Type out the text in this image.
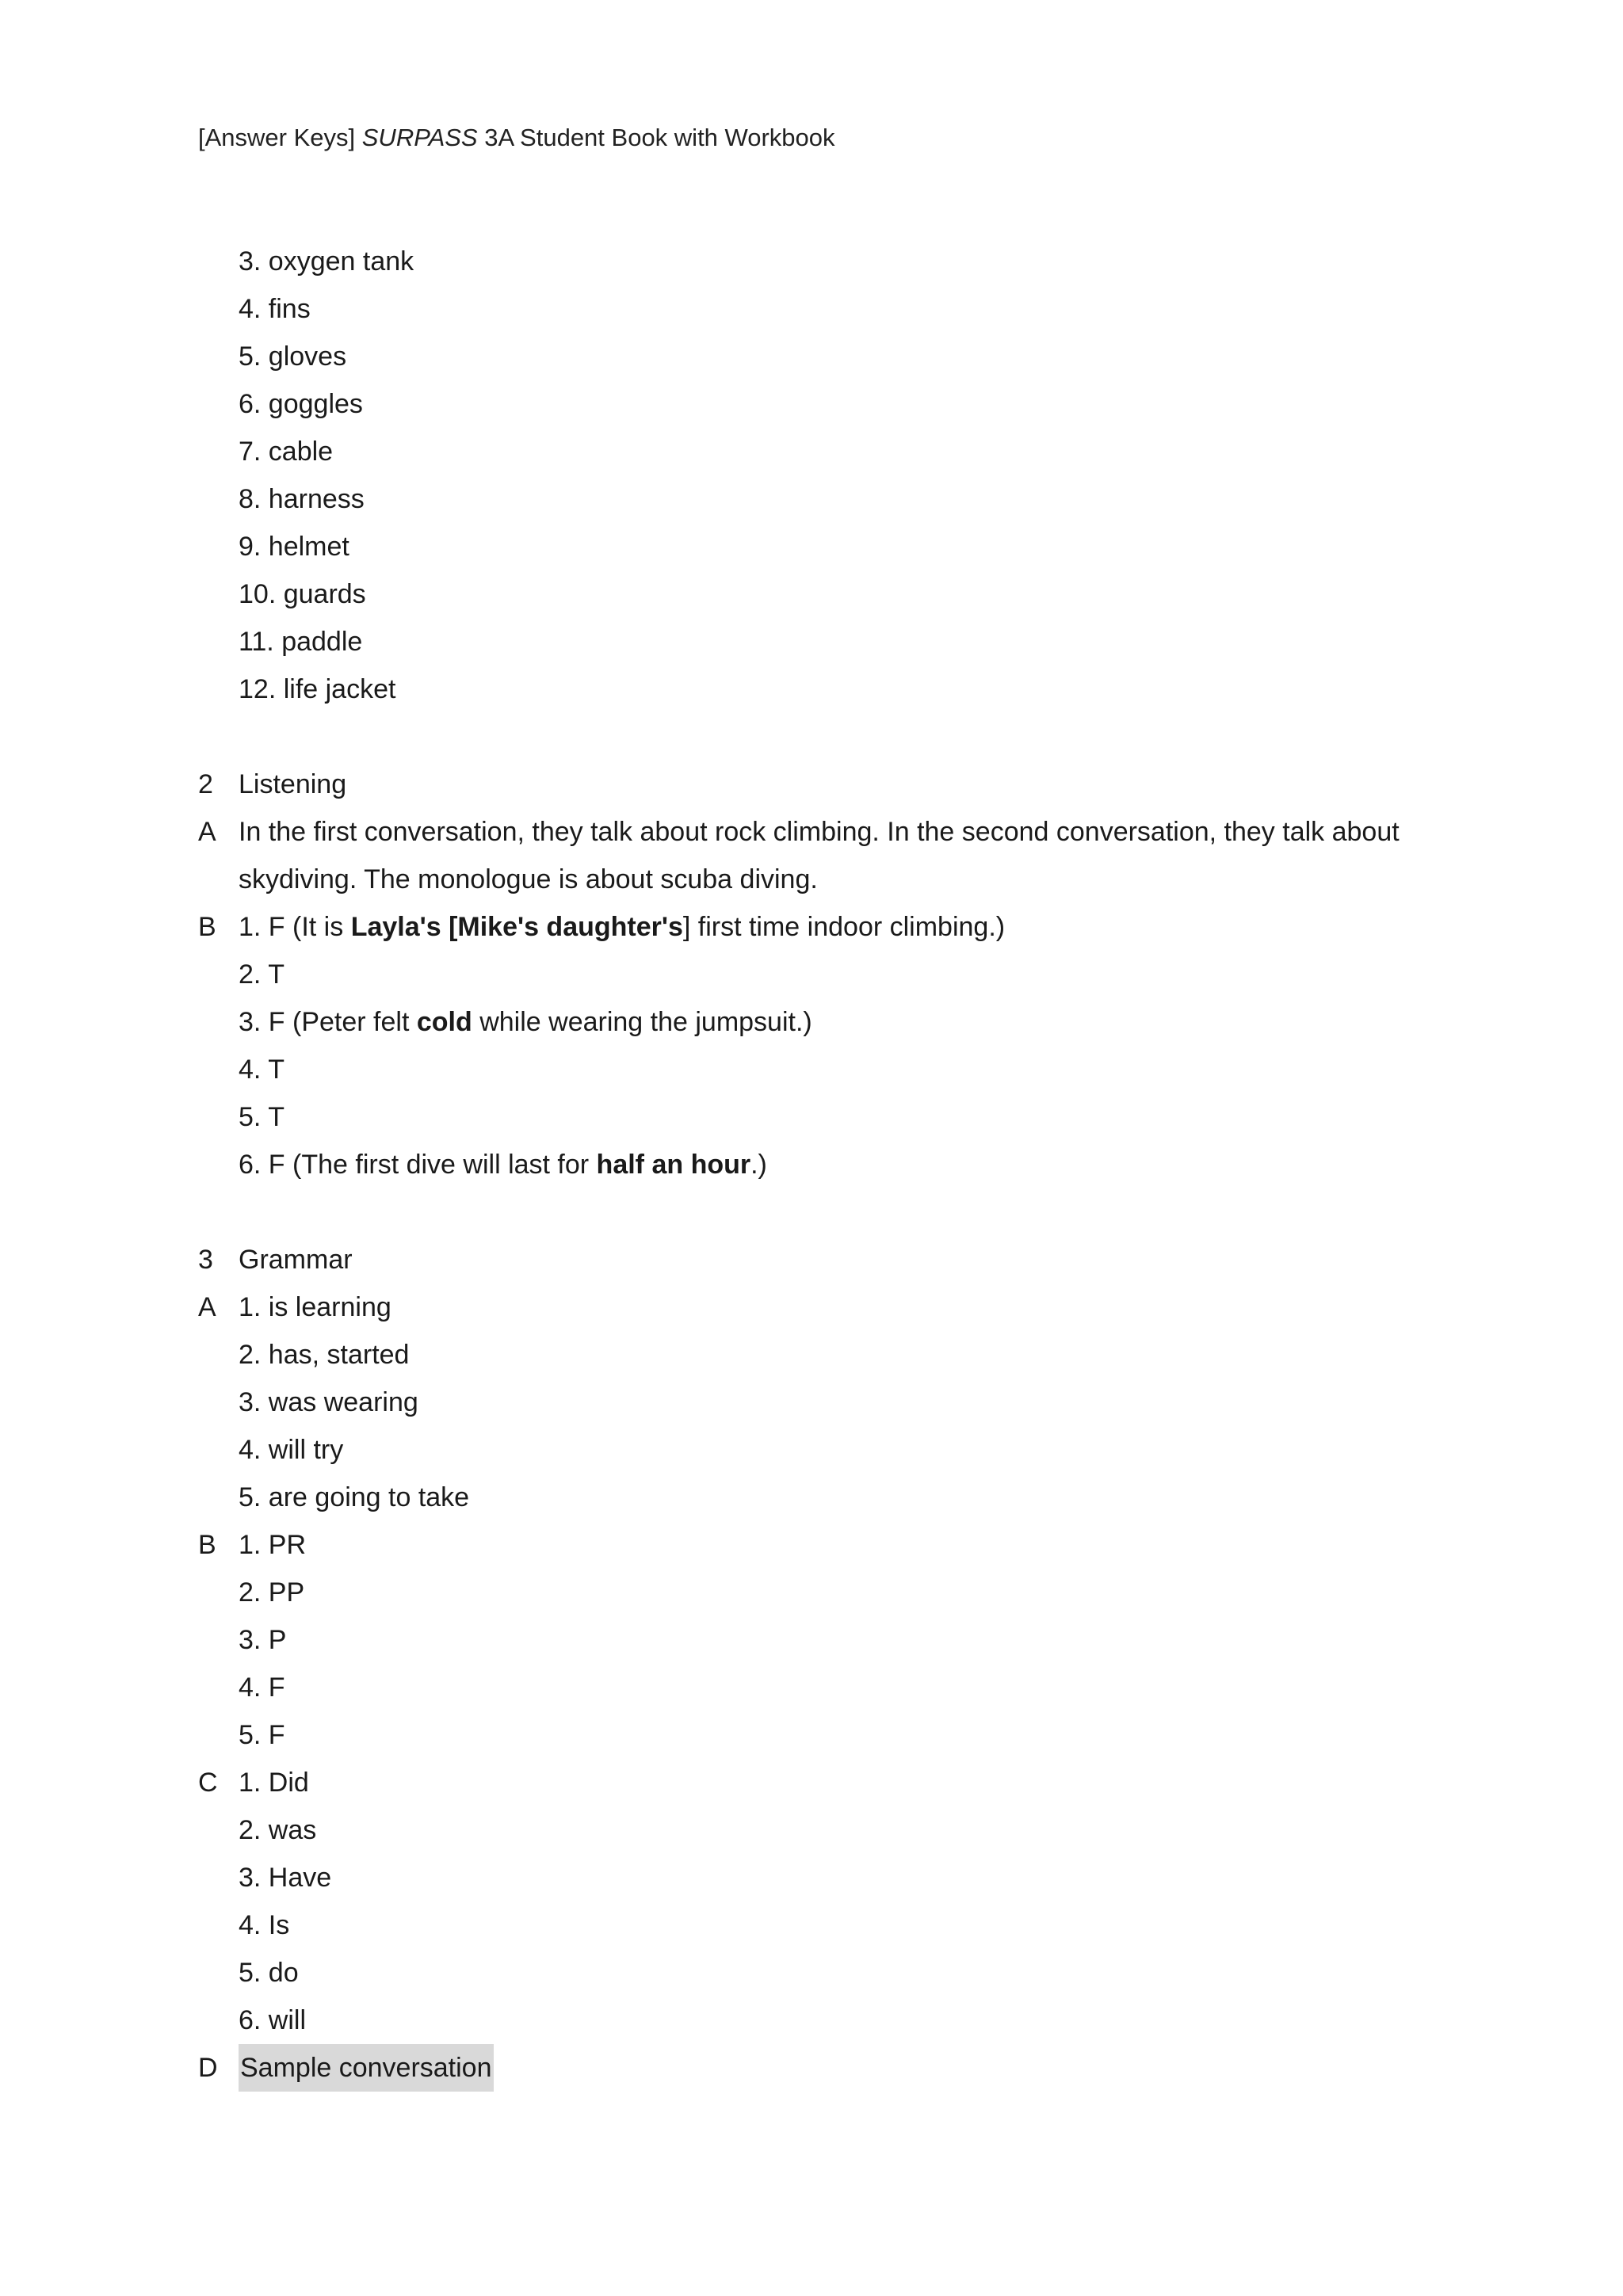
[Answer Keys] SURPASS 3A Student Book with Workbook
3. oxygen tank
4. fins
5. gloves
6. goggles
7. cable
8. harness
9. helmet
10. guards
11. paddle
12. life jacket
2 Listening
A In the first conversation, they talk about rock climbing. In the second conversation, they talk about skydiving. The monologue is about scuba diving.
B 1. F (It is Layla's [Mike's daughter's] first time indoor climbing.)
2. T
3. F (Peter felt cold while wearing the jumpsuit.)
4. T
5. T
6. F (The first dive will last for half an hour.)
3 Grammar
A 1. is learning
2. has, started
3. was wearing
4. will try
5. are going to take
B 1. PR
2. PP
3. P
4. F
5. F
C 1. Did
2. was
3. Have
4. Is
5. do
6. will
D Sample conversation
